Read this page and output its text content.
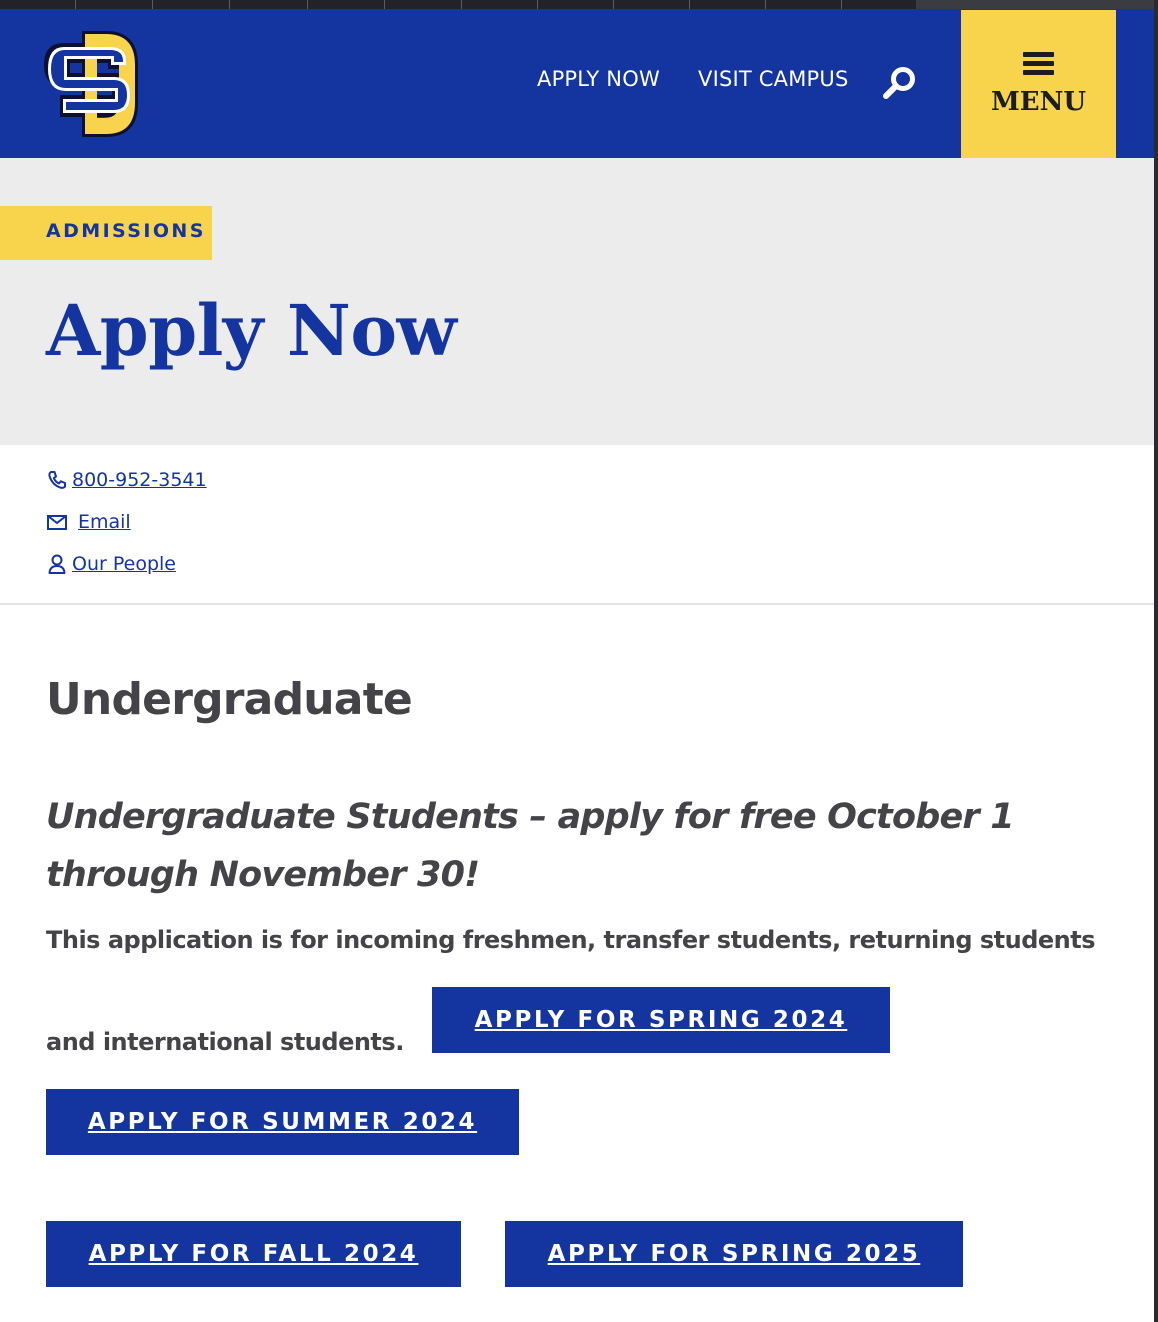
APPLY NOW VISIT CAMPUS
MENU
ADMISSIONS
Apply Now
800-952-3541
Email
Our People
Undergraduate

Undergraduate Students – apply for free October 1 through November 30!

This application is for incoming freshmen, transfer students, returning students

and international students.

APPLY FOR SPRING 2024
APPLY FOR SUMMER 2024
APPLY FOR FALL 2024	APPLY FOR SPRING 2025
